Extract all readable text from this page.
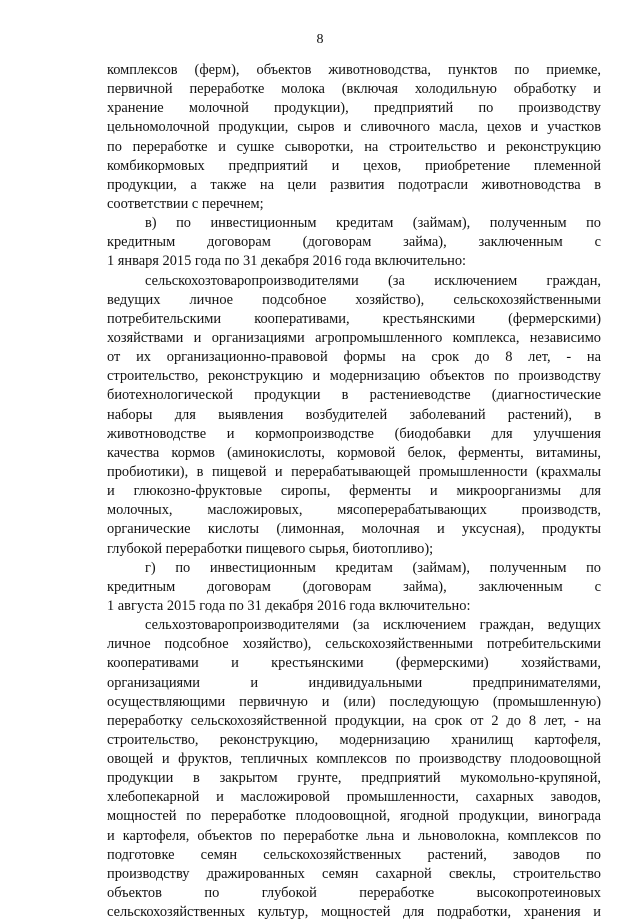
8
комплексов (ферм), объектов животноводства, пунктов по приемке,
первичной переработке молока (включая холодильную обработку и
хранение молочной продукции), предприятий по производству
цельномолочной продукции, сыров и сливочного масла, цехов и участков
по переработке и сушке сыворотки, на строительство и реконструкцию
комбикормовых предприятий и цехов, приобретение племенной
продукции, а также на цели развития подотрасли животноводства в
соответствии с перечнем;
в) по инвестиционным кредитам (займам), полученным по
кредитным договорам (договорам займа), заключенным с
1 января 2015 года по 31 декабря 2016 года включительно:
сельскохозтоваропроизводителями (за исключением граждан,
ведущих личное подсобное хозяйство), сельскохозяйственными
потребительскими кооперативами, крестьянскими (фермерскими)
хозяйствами и организациями агропромышленного комплекса, независимо
от их организационно-правовой формы на срок до 8 лет, - на
строительство, реконструкцию и модернизацию объектов по производству
биотехнологической продукции в растениеводстве (диагностические
наборы для выявления возбудителей заболеваний растений), в
животноводстве и кормопроизводстве (биодобавки для улучшения
качества кормов (аминокислоты, кормовой белок, ферменты, витамины,
пробиотики), в пищевой и перерабатывающей промышленности (крахмалы
и глюкозно-фруктовые сиропы, ферменты и микроорганизмы для
молочных, масложировых, мясоперерабатывающих производств,
органические кислоты (лимонная, молочная и уксусная), продукты
глубокой переработки пищевого сырья, биотопливо);
г) по инвестиционным кредитам (займам), полученным по
кредитным договорам (договорам займа), заключенным с
1 августа 2015 года по 31 декабря 2016 года включительно:
сельхозтоваропроизводителями (за исключением граждан, ведущих
личное подсобное хозяйство), сельскохозяйственными потребительскими
кооперативами и крестьянскими (фермерскими) хозяйствами,
организациями и индивидуальными предпринимателями,
осуществляющими первичную и (или) последующую (промышленную)
переработку сельскохозяйственной продукции, на срок от 2 до 8 лет, - на
строительство, реконструкцию, модернизацию хранилищ картофеля,
овощей и фруктов, тепличных комплексов по производству плодоовощной
продукции в закрытом грунте, предприятий мукомольно-крупяной,
хлебопекарной и масложировой промышленности, сахарных заводов,
мощностей по переработке плодоовощной, ягодной продукции, винограда
и картофеля, объектов по переработке льна и льноволокна, комплексов по
подготовке семян сельскохозяйственных растений, заводов по
производству дражированных семян сахарной свеклы, строительство
объектов по глубокой переработке высокопротеиновых
сельскохозяйственных культур, мощностей для подработки, хранения и
